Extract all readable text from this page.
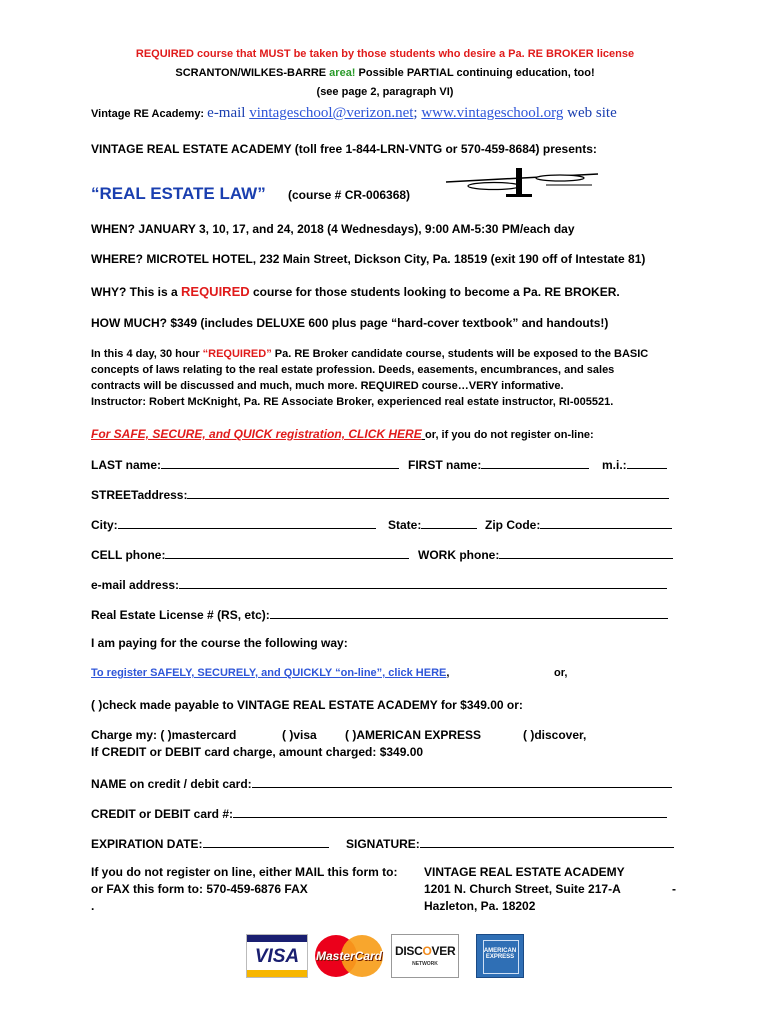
REQUIRED course that MUST be taken by those students who desire a Pa. RE BROKER license
SCRANTON/WILKES-BARRE area! Possible PARTIAL continuing education, too!
(see page 2, paragraph VI)
Vintage RE Academy: e-mail vintageschool@verizon.net; www.vintageschool.org web site
VINTAGE REAL ESTATE ACADEMY (toll free 1-844-LRN-VNTG or 570-459-8684) presents:
“REAL ESTATE LAW” (course # CR-006368)
WHEN? JANUARY 3, 10, 17, and 24, 2018 (4 Wednesdays), 9:00 AM-5:30 PM/each day
WHERE? MICROTEL HOTEL, 232 Main Street, Dickson City, Pa. 18519 (exit 190 off of Intestate 81)
WHY? This is a REQUIRED course for those students looking to become a Pa. RE BROKER.
HOW MUCH? $349 (includes DELUXE 600 plus page “hard-cover textbook” and handouts!)
In this 4 day, 30 hour “REQUIRED” Pa. RE Broker candidate course, students will be exposed to the BASIC
concepts of laws relating to the real estate profession. Deeds, easements, encumbrances, and sales
contracts will be discussed and much, much more. REQUIRED course…VERY informative.
Instructor: Robert McKnight, Pa. RE Associate Broker, experienced real estate instructor, RI-005521.
For SAFE, SECURE, and QUICK registration, CLICK HERE or, if you do not register on-line:
LAST name:	FIRST name:	m.i.:
STREETaddress:
City:	State:	Zip Code:
CELL phone:	WORK phone:
e-mail address:
Real Estate License # (RS, etc):
I am paying for the course the following way:
To register SAFELY, SECURELY, and QUICKLY “on-line”, click HERE,	or,
( )check made payable to VINTAGE REAL ESTATE ACADEMY for $349.00 or:
Charge my: ( )mastercard	( )visa ( )AMERICAN EXPRESS	( )discover,
If CREDIT or DEBIT card charge, amount charged: $349.00
NAME on credit / debit card:
CREDIT or DEBIT card #:
EXPIRATION DATE:	SIGNATURE:
If you do not register on line, either MAIL this form to:
or FAX this form to: 570-459-6876 FAX
.
VINTAGE REAL ESTATE ACADEMY
1201 N. Church Street, Suite 217-A	-
Hazleton, Pa. 18202
VISA	MasterCard DISCOVER
NETWORK
AMERICAN EXPRESS
